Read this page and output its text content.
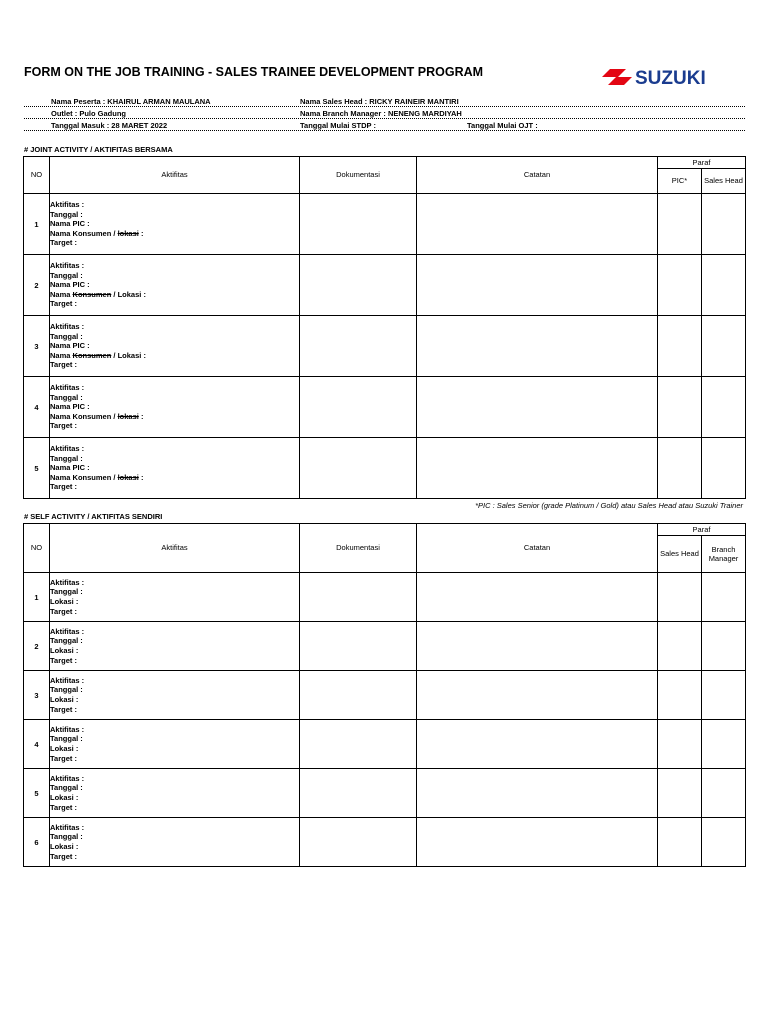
FORM ON THE JOB TRAINING - SALES TRAINEE DEVELOPMENT PROGRAM	SUZUKI
Nama Peserta : KHAIRUL ARMAN MAULANA	Nama Sales Head : RICKY RAINEIR MANTIRI
Outlet : Pulo Gadung	Nama Branch Manager : NENENG MARDIYAH
Tanggal Masuk : 28 MARET 2022	Tanggal Mulai STDP :	Tanggal Mulai OJT :
# JOINT ACTIVITY / AKTIFITAS BERSAMA
NO	Aktifitas	Dokumentasi	Catatan	Paraf	
				PIC*	Sales Head
1	Aktifitas :
Tanggal :
Nama PIC :
Nama Konsumen / lokasi :
Target :				

2	Aktifitas :
Tanggal :
Nama PIC :
Nama Konsumen / Lokasi :
Target :				

3	Aktifitas :
Tanggal :
Nama PIC :
Nama Konsumen / Lokasi :
Target :				

4	Aktifitas :
Tanggal :
Nama PIC :
Nama Konsumen / lokasi :
Target :				

5	Aktifitas :
Tanggal :
Nama PIC :
Nama Konsumen / lokasi :
Target :				

*PIC : Sales Senior (grade Platinum / Gold) atau Sales Head atau Suzuki Trainer
# SELF ACTIVITY / AKTIFITAS SENDIRI
NO	Aktifitas	Dokumentasi	Catatan	Paraf	
				Sales Head	Branch Manager
1	Aktifitas :
Tanggal :
Lokasi :
Target :				

2	Aktifitas :
Tanggal :
Lokasi :
Target :				

3	Aktifitas :
Tanggal :
Lokasi :
Target :				

4	Aktifitas :
Tanggal :
Lokasi :
Target :				

5	Aktifitas :
Tanggal :
Lokasi :
Target :				

6	Aktifitas :
Tanggal :
Lokasi :
Target :				
